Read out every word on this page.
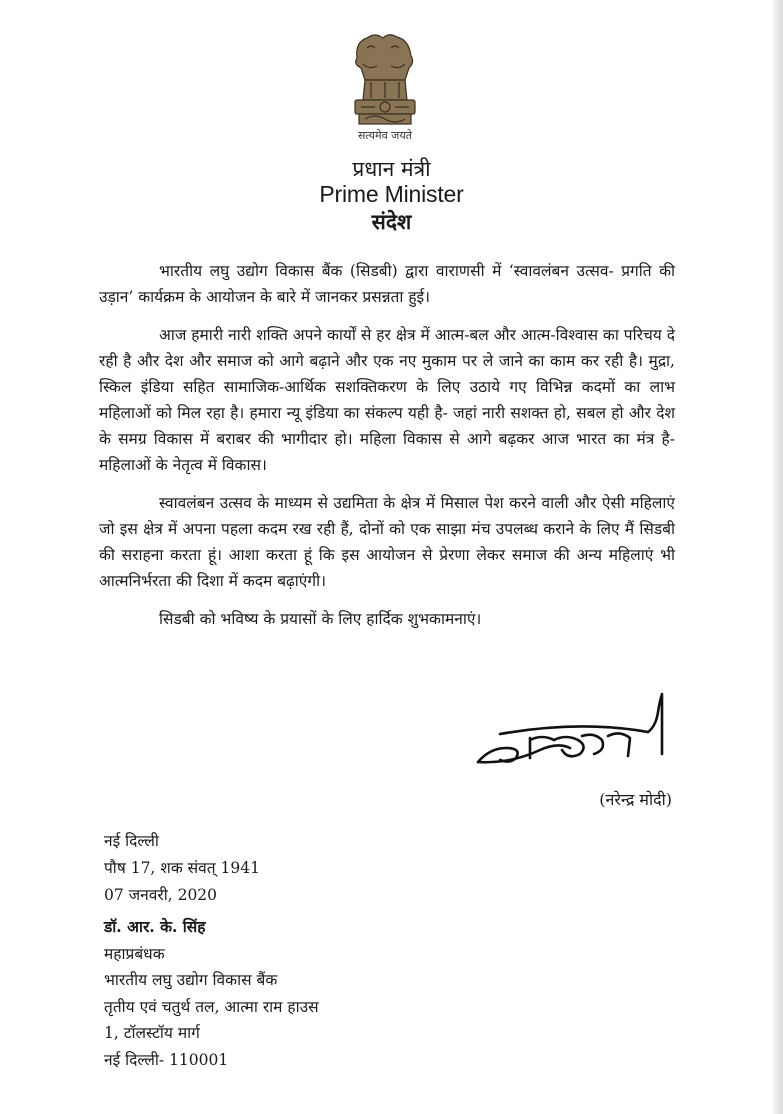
सत्यमेव जयते
प्रधान मंत्री
Prime Minister
संदेश

भारतीय लघु उद्योग विकास बैंक (सिडबी) द्वारा वाराणसी में ‘स्वावलंबन उत्सव- प्रगति की उड़ान’ कार्यक्रम के आयोजन के बारे में जानकर प्रसन्नता हुई।

आज हमारी नारी शक्ति अपने कार्यों से हर क्षेत्र में आत्म-बल और आत्म-विश्वास का परिचय दे रही है और देश और समाज को आगे बढ़ाने और एक नए मुकाम पर ले जाने का काम कर रही है। मुद्रा, स्किल इंडिया सहित सामाजिक-आर्थिक सशक्तिकरण के लिए उठाये गए विभिन्न कदमों का लाभ महिलाओं को मिल रहा है। हमारा न्यू इंडिया का संकल्प यही है- जहां नारी सशक्त हो, सबल हो और देश के समग्र विकास में बराबर की भागीदार हो। महिला विकास से आगे बढ़कर आज भारत का मंत्र है- महिलाओं के नेतृत्व में विकास।

स्वावलंबन उत्सव के माध्यम से उद्यमिता के क्षेत्र में मिसाल पेश करने वाली और ऐसी महिलाएं जो इस क्षेत्र में अपना पहला कदम रख रही हैं, दोनों को एक साझा मंच उपलब्ध कराने के लिए मैं सिडबी की सराहना करता हूं। आशा करता हूं कि इस आयोजन से प्रेरणा लेकर समाज की अन्य महिलाएं भी आत्मनिर्भरता की दिशा में कदम बढ़ाएंगी।

सिडबी को भविष्य के प्रयासों के लिए हार्दिक शुभकामनाएं।

(नरेन्द्र मोदी)
नई दिल्ली
पौष 17, शक संवत् 1941
07 जनवरी, 2020
डॉ. आर. के. सिंह
महाप्रबंधक
भारतीय लघु उद्योग विकास बैंक
तृतीय एवं चतुर्थ तल, आत्मा राम हाउस
1, टॉलस्टॉय मार्ग
नई दिल्ली- 110001
